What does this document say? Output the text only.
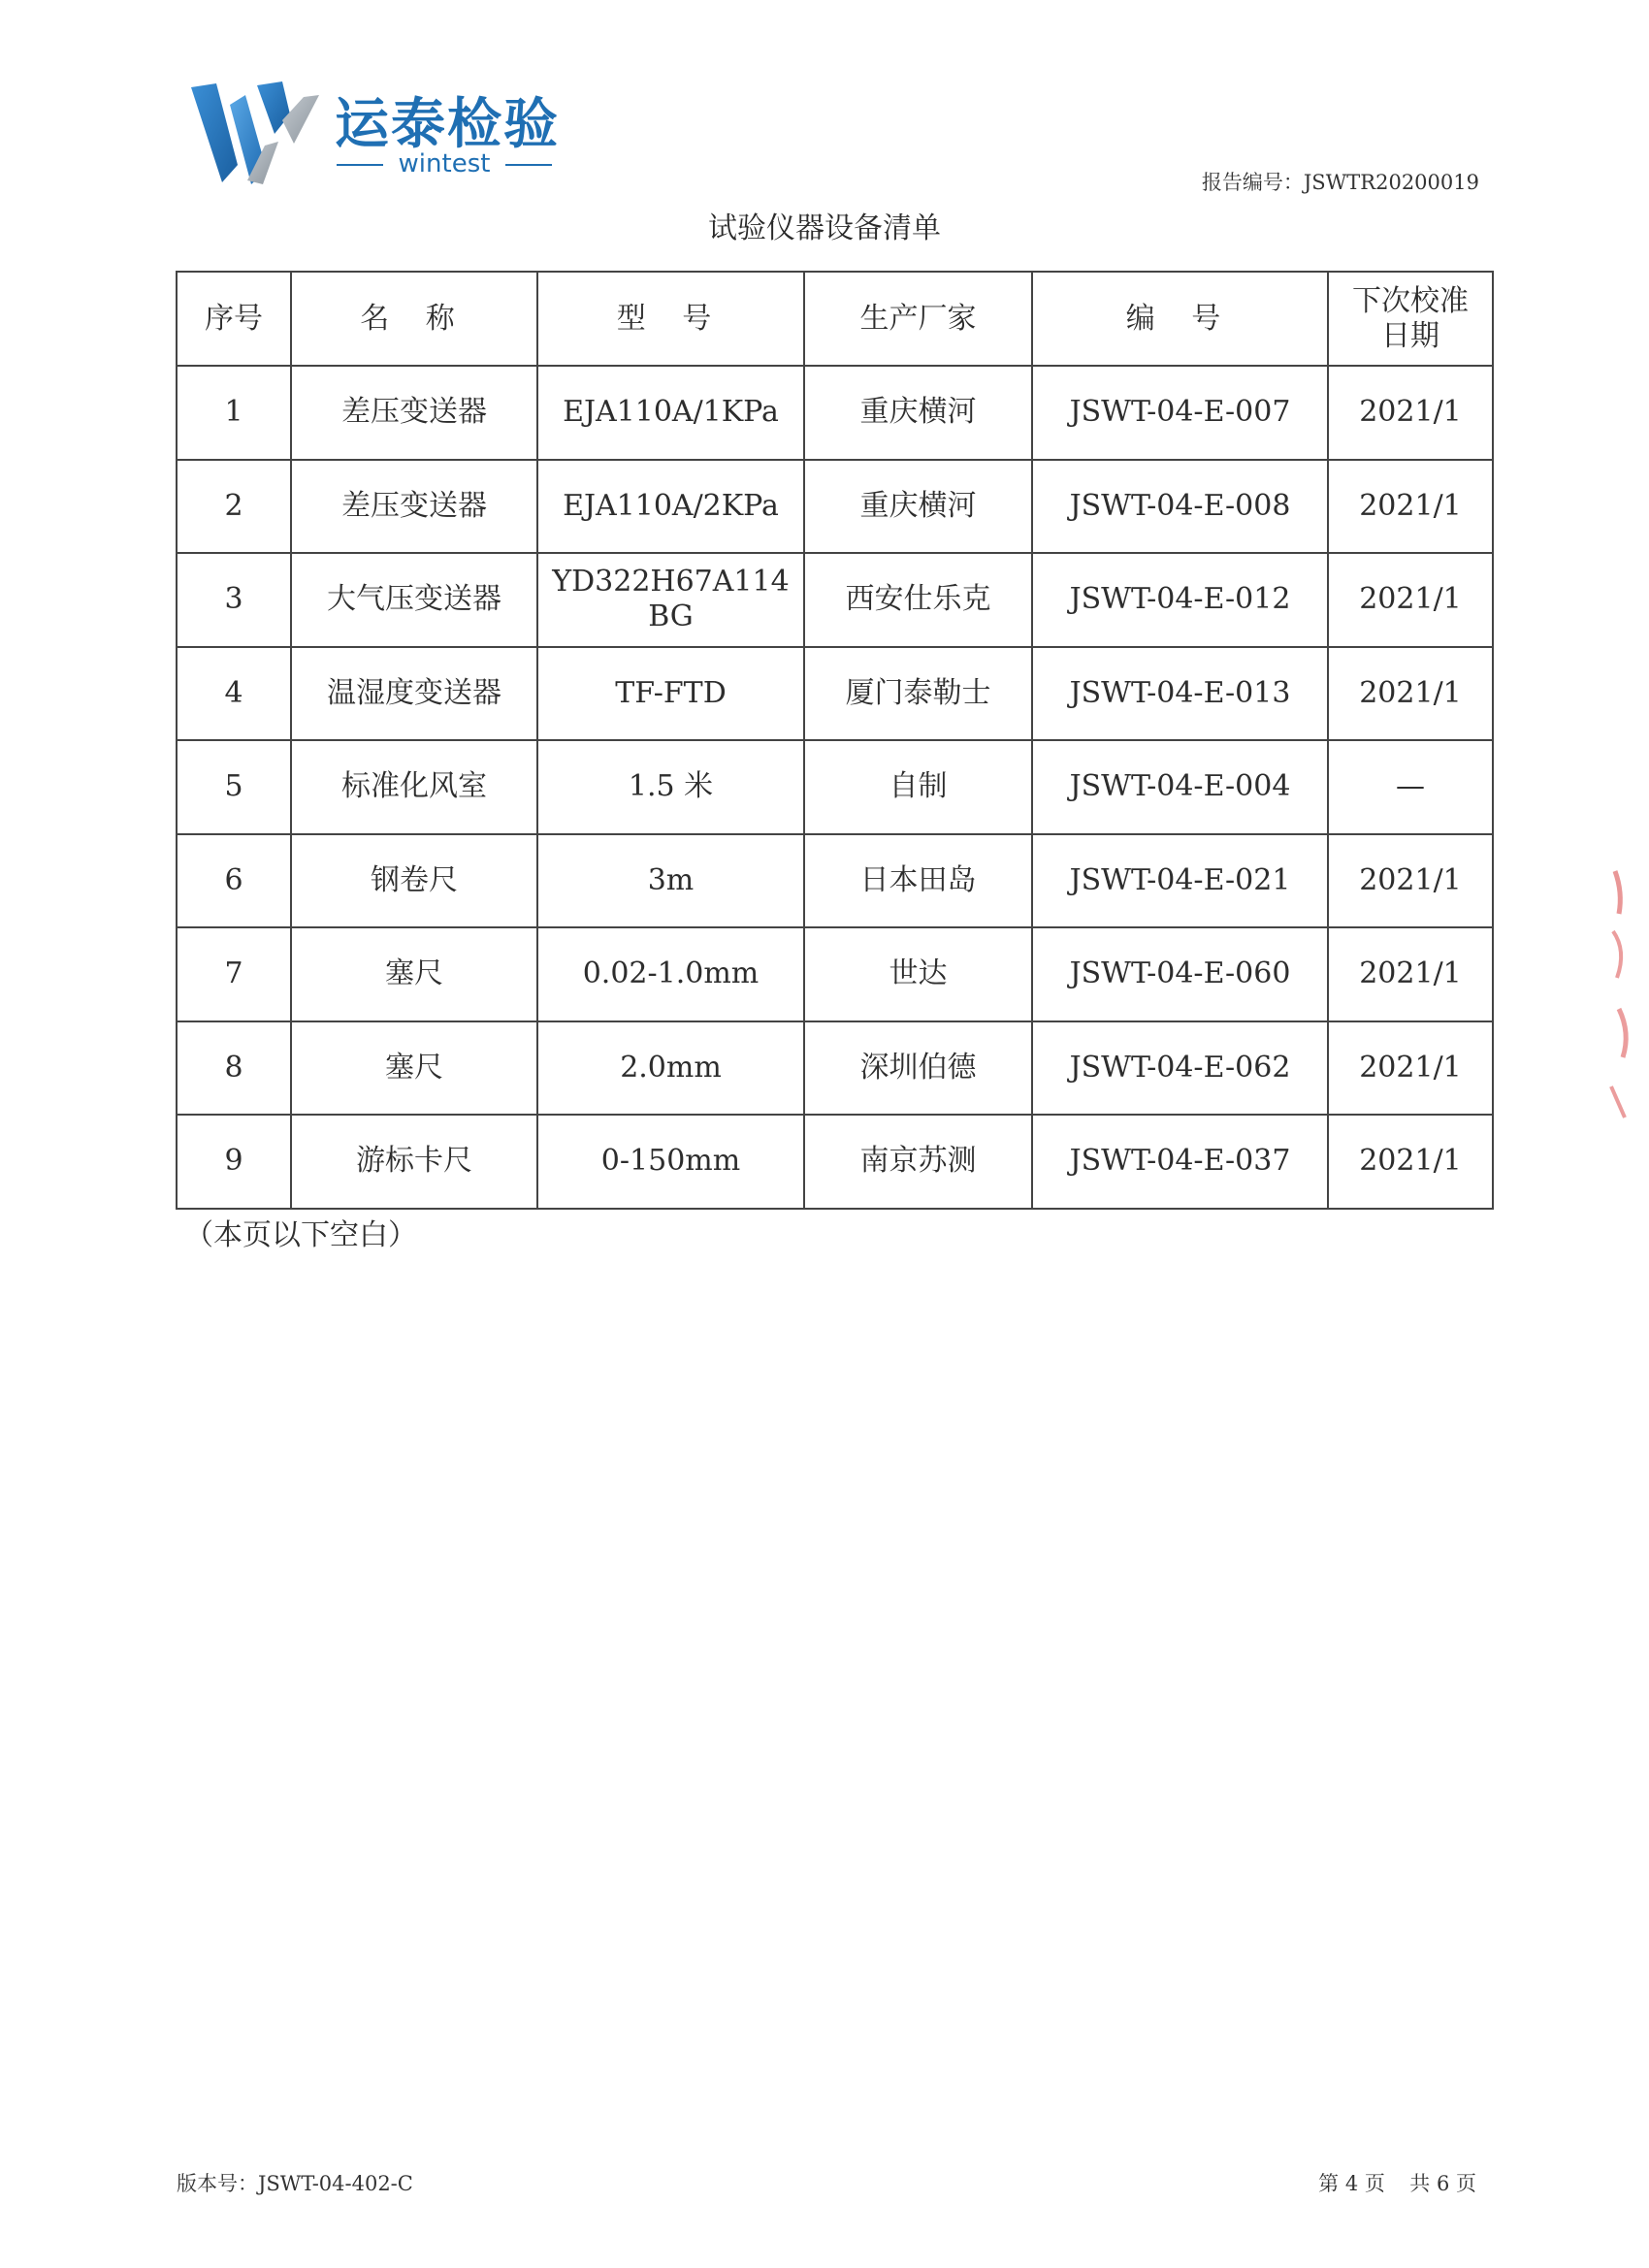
运泰检验
wintest
报告编号：JSWTR20200019
试验仪器设备清单
序号	名 称	型 号	生产厂家	编 号	下次校准
日期

1	差压变送器	EJA110A/1KPa	重庆横河	JSWT-04-E-007	2021/1
2	差压变送器	EJA110A/2KPa	重庆横河	JSWT-04-E-008	2021/1
3	大气压变送器	YD322H67A114
BG	西安仕乐克	JSWT-04-E-012	2021/1
4	温湿度变送器	TF-FTD	厦门泰勒士	JSWT-04-E-013	2021/1
5	标准化风室	1.5 米	自制	JSWT-04-E-004	—
6	钢卷尺	3m	日本田岛	JSWT-04-E-021	2021/1
7	塞尺	0.02-1.0mm	世达	JSWT-04-E-060	2021/1
8	塞尺	2.0mm	深圳伯德	JSWT-04-E-062	2021/1
9	游标卡尺	0-150mm	南京苏测	JSWT-04-E-037	2021/1
（本页以下空白）
版本号：JSWT-04-402-C	第 4 页 共 6 页
